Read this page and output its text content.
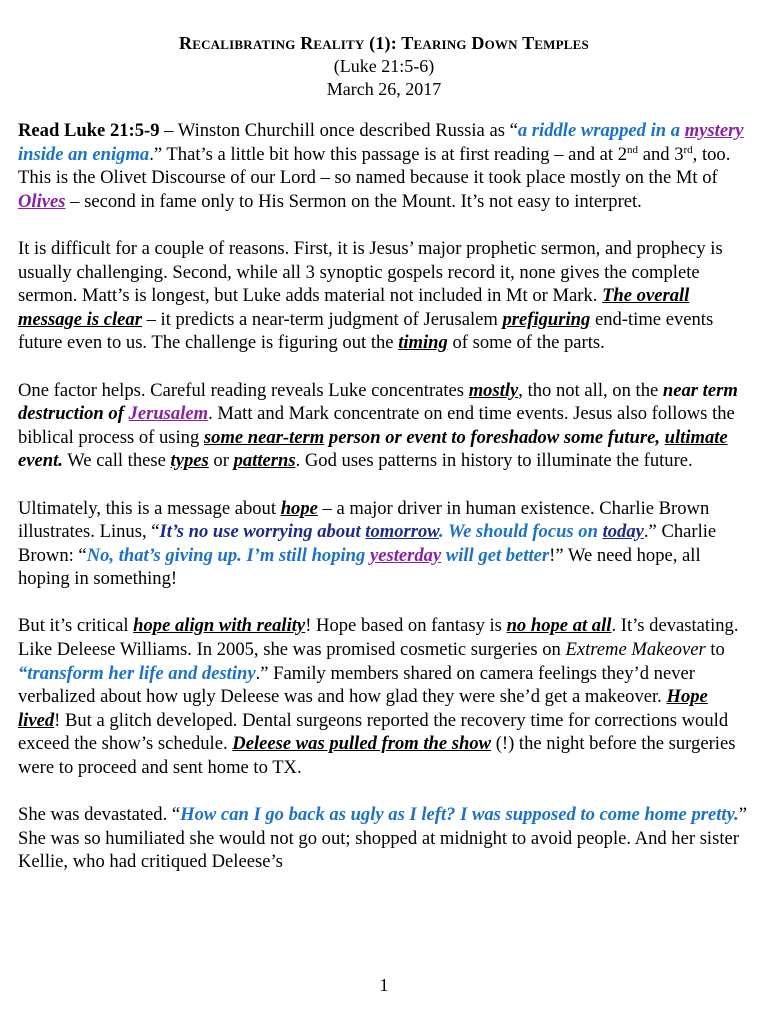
Recalibrating Reality (1): Tearing Down Temples
(Luke 21:5-6)
March 26, 2017

Read Luke 21:5-9 – Winston Churchill once described Russia as “a riddle wrapped in a mystery inside an enigma.” That’s a little bit how this passage is at first reading – and at 2nd and 3rd, too. This is the Olivet Discourse of our Lord – so named because it took place mostly on the Mt of Olives – second in fame only to His Sermon on the Mount. It’s not easy to interpret.

It is difficult for a couple of reasons. First, it is Jesus’ major prophetic sermon, and prophecy is usually challenging. Second, while all 3 synoptic gospels record it, none gives the complete sermon. Matt’s is longest, but Luke adds material not included in Mt or Mark. The overall message is clear – it predicts a near-term judgment of Jerusalem prefiguring end-time events future even to us. The challenge is figuring out the timing of some of the parts.

One factor helps. Careful reading reveals Luke concentrates mostly, tho not all, on the near term destruction of Jerusalem. Matt and Mark concentrate on end time events. Jesus also follows the biblical process of using some near-term person or event to foreshadow some future, ultimate event. We call these types or patterns. God uses patterns in history to illuminate the future.

Ultimately, this is a message about hope – a major driver in human existence. Charlie Brown illustrates. Linus, “It’s no use worrying about tomorrow. We should focus on today.” Charlie Brown: “No, that’s giving up. I’m still hoping yesterday will get better!” We need hope, all hoping in something!

But it’s critical hope align with reality! Hope based on fantasy is no hope at all. It’s devastating. Like Deleese Williams. In 2005, she was promised cosmetic surgeries on Extreme Makeover to “transform her life and destiny.” Family members shared on camera feelings they’d never verbalized about how ugly Deleese was and how glad they were she’d get a makeover. Hope lived! But a glitch developed. Dental surgeons reported the recovery time for corrections would exceed the show’s schedule. Deleese was pulled from the show (!) the night before the surgeries were to proceed and sent home to TX.

She was devastated. “How can I go back as ugly as I left? I was supposed to come home pretty.” She was so humiliated she would not go out; shopped at midnight to avoid people. And her sister Kellie, who had critiqued Deleese’s

1
